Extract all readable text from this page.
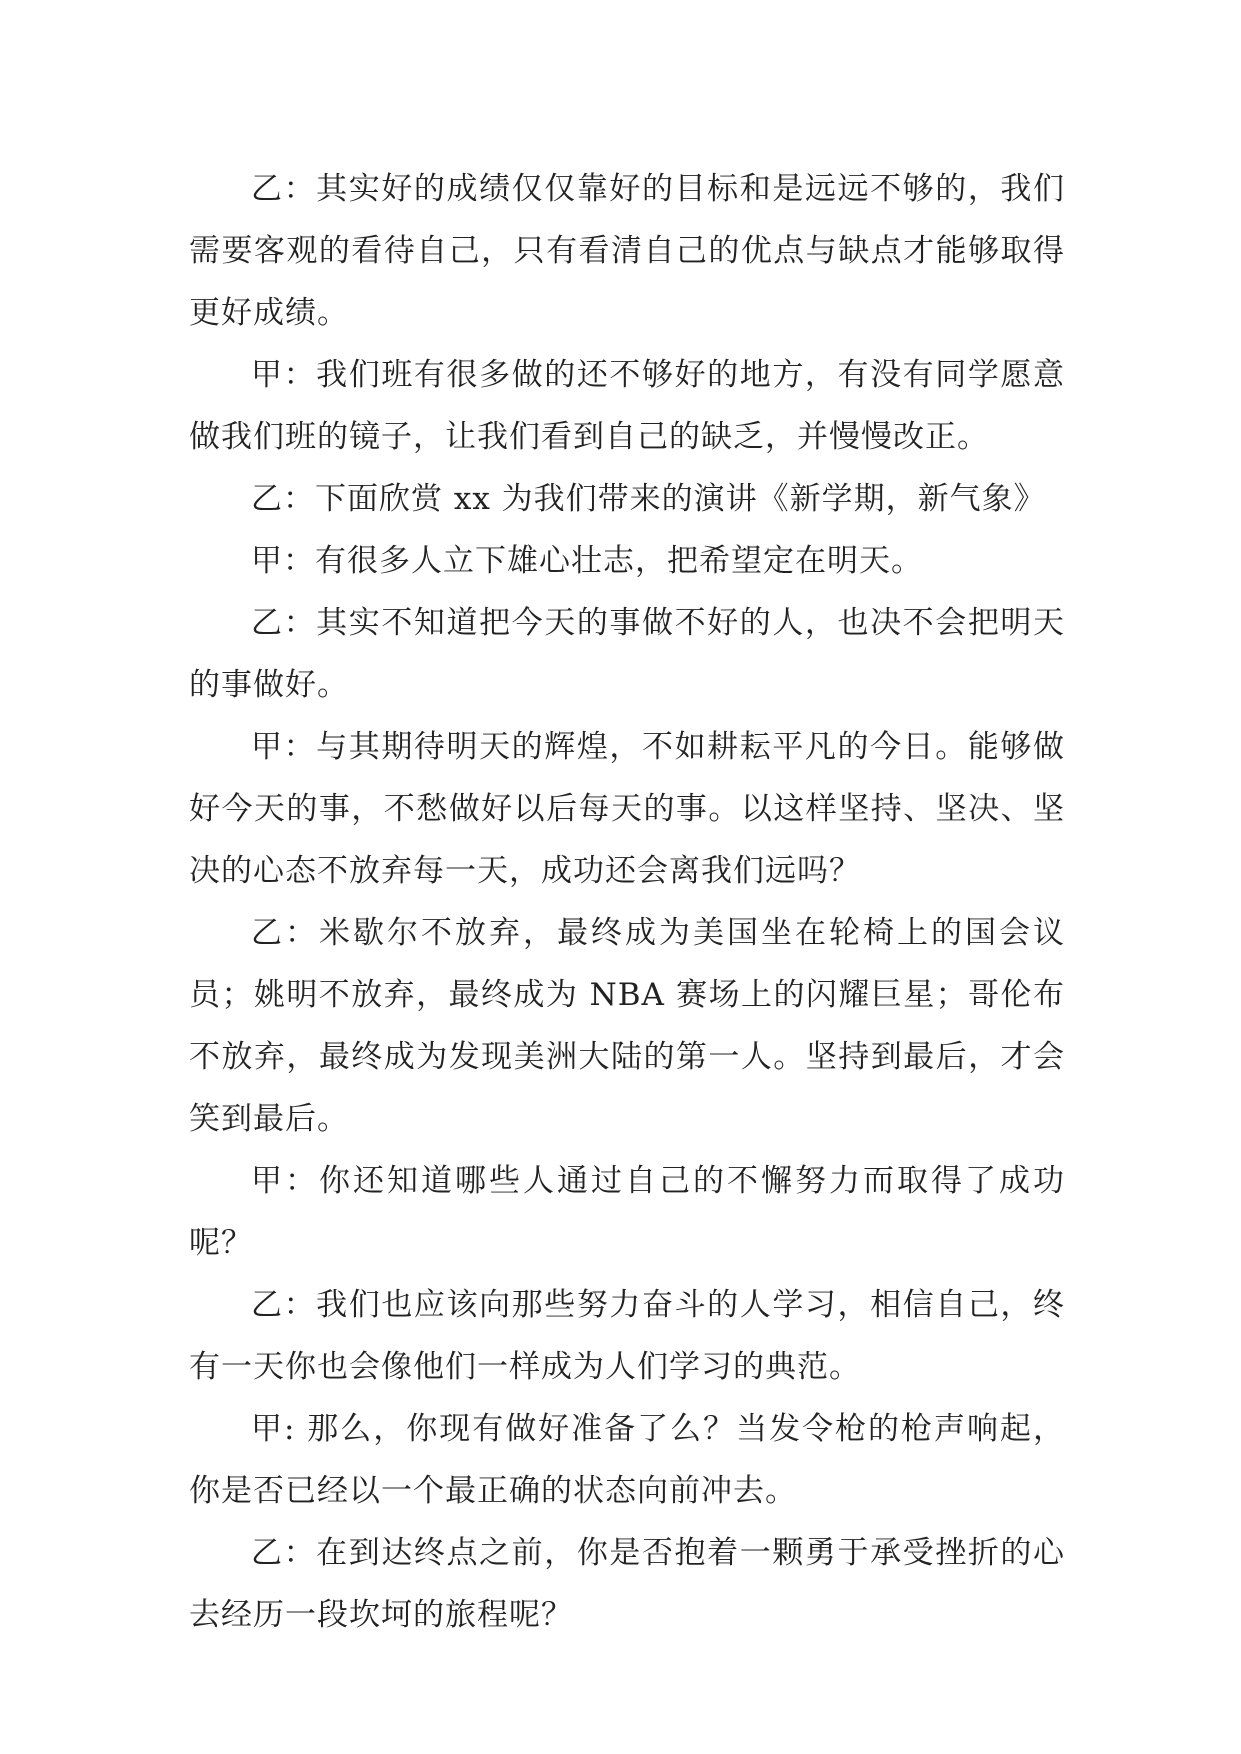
乙：其实好的成绩仅仅靠好的目标和是远远不够的，我们需要客观的看待自己，只有看清自己的优点与缺点才能够取得更好成绩。

甲：我们班有很多做的还不够好的地方，有没有同学愿意做我们班的镜子，让我们看到自己的缺乏，并慢慢改正。

乙：下面欣赏 xx 为我们带来的演讲《新学期，新气象》

甲：有很多人立下雄心壮志，把希望定在明天。

乙：其实不知道把今天的事做不好的人，也决不会把明天的事做好。

甲：与其期待明天的辉煌，不如耕耘平凡的今日。能够做好今天的事，不愁做好以后每天的事。以这样坚持、坚决、坚决的心态不放弃每一天，成功还会离我们远吗？

乙：米歇尔不放弃，最终成为美国坐在轮椅上的国会议员；姚明不放弃，最终成为 NBA 赛场上的闪耀巨星；哥伦布不放弃，最终成为发现美洲大陆的第一人。坚持到最后，才会笑到最后。

甲：你还知道哪些人通过自己的不懈努力而取得了成功呢？

乙：我们也应该向那些努力奋斗的人学习，相信自己，终有一天你也会像他们一样成为人们学习的典范。

甲: 那么，你现有做好准备了么？当发令枪的枪声响起，你是否已经以一个最正确的状态向前冲去。

乙：在到达终点之前，你是否抱着一颗勇于承受挫折的心去经历一段坎坷的旅程呢？
